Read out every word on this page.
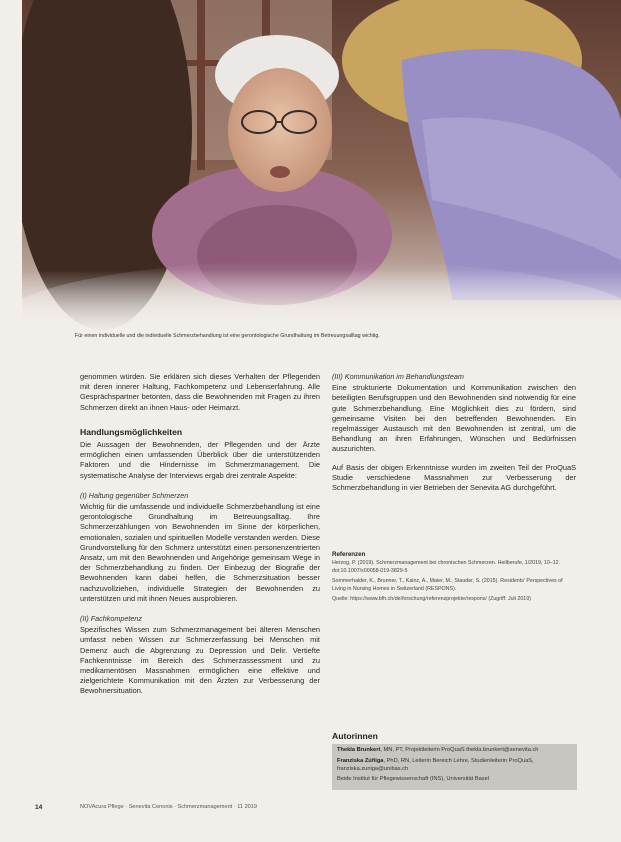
Für einen individuelle und die individuelle Schmerzbehandlung ist eine gerontologische Grundhaltung im Betreuungsalltag wichtig.

genommen würden. Sie erklären sich dieses Verhalten der Pflegenden mit deren innerer Haltung, Fachkompetenz und Lebenserfahrung. Alle Gesprächspartner betonten, dass die Bewohnenden mit Fragen zu ihren Schmerzen direkt an ihnen Haus- oder Heimarzt.

Handlungsmöglichkeiten

Die Aussagen der Bewohnenden, der Pflegenden und der Ärzte ermöglichen einen umfassenden Überblick über die unterstützenden Faktoren und die Hindernisse im Schmerzmanagement. Die systematische Analyse der Interviews ergab drei zentrale Aspekte:

(I) Haltung gegenüber Schmerzen

Wichtig für die umfassende und individuelle Schmerzbehandlung ist eine gerontologische Grundhaltung im Betreuungsalltag. Ihre Schmerzerzählungen von Bewohnenden im Sinne der körperlichen, emotionalen, sozialen und spirituellen Modelle verstanden werden. Diese Grundvorstellung für den Schmerz unterstützt einen personenzentrierten Ansatz, um mit den Bewohnenden und Angehörige gemeinsam Wege in der Schmerzbehandlung zu finden. Der Einbezug der Biografie der Bewohnenden kann dabei helfen, die Schmerzsituation besser nachzuvollziehen, individuelle Strategien der Bewohnenden zu unterstützen und mit ihnen Neues ausprobieren.

(II) Fachkompetenz

Spezifisches Wissen zum Schmerzmanagement bei älteren Menschen umfasst neben Wissen zur Schmerzerfassung bei Menschen mit Demenz auch die Abgrenzung zu Depression und Delir. Vertiefte Fachkenntnisse im Bereich des Schmerzassessment und zu medikamentösen Massnahmen ermöglichen eine effektive und zielgerichtete Kommunikation mit den Ärzten zur Verbesserung der Bewohnersituation.

(III) Kommunikation im Behandlungsteam

Eine strukturierte Dokumentation und Kommunikation zwischen den beteiligten Berufsgruppen und den Bewohnenden sind notwendig für eine gute Schmerzbehandlung. Eine Möglichkeit dies zu fördern, sind gemeinsame Visiten bei den betreffenden Bewohnenden. Ein regelmässiger Austausch mit den Bewohnenden ist zentral, um die Behandlung an ihren Erfahrungen, Wünschen und Bedürfnissen auszurichten.

Auf Basis der obigen Erkenntnisse wurden im zweiten Teil der ProQuaS Studie verschiedene Massnahmen zur Verbesserung der Schmerzbehandlung in vier Betrieben der Senevita AG durchgeführt.

Referenzen

Herzog, P. (2019). Schmerzmanagement bei chronischen Schmerzen. Heilberufe, 1/2019, 10–12. doi:10.1007/s00058-019-3829-5

Sommerhalder, K., Brunner, T., Kainz, A., Maier, M., Stauder, S. (2015). Residents' Perspectives of Living in Nursing Homes in Switzerland (RESPONS).

Quelle: https://www.bfh.ch/de/forschung/referenzprojekte/respons/ (Zugriff: Juli 2019)

Autorinnen

Thekla Brunkert, MN, PT, Projektleiterin ProQuaS thekla.brunkert@senevita.ch

Franziska Zúñiga, PhD, RN, Leiterin Bereich Lehre, Studienleiterin ProQuaS, franziska.zuniga@unibas.ch

Beide Institut für Pflegewissenschaft (INS), Universität Basel

14	NOVAcura Pflege · Senevita Cenonis · Schmerzmanagement · 11 2019
